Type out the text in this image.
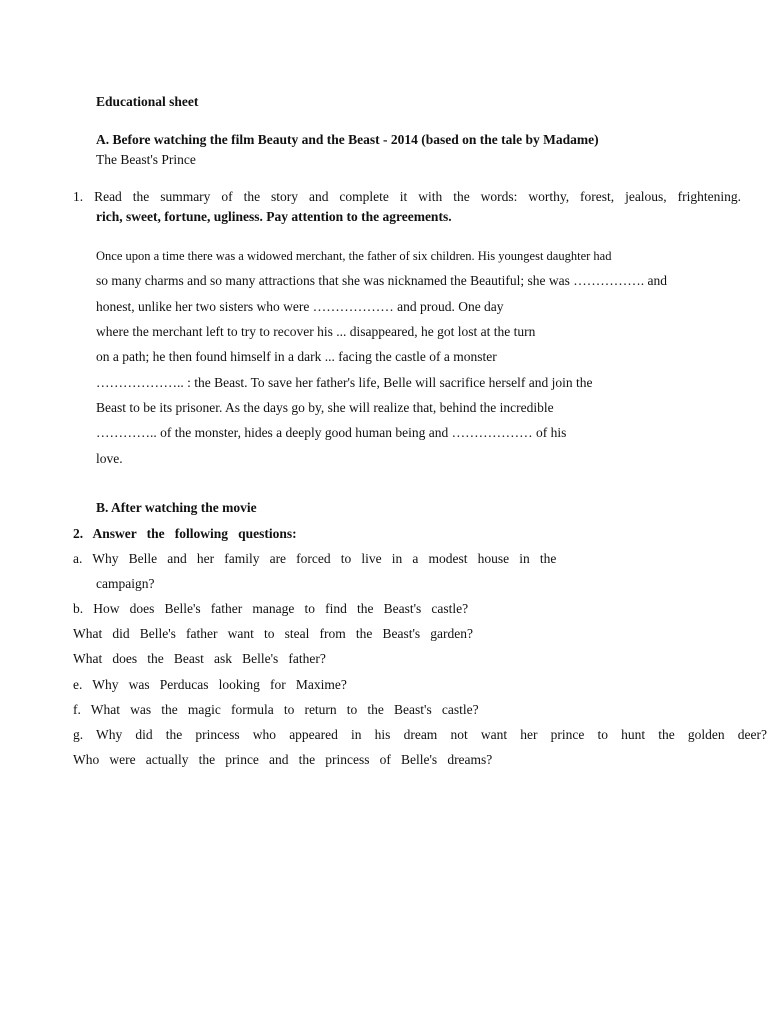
Educational sheet
A. Before watching the film Beauty and the Beast - 2014 (based on the tale by Madame)
The Beast's Prince
1. Read the summary of the story and complete it with the words: worthy, forest, jealous, frightening.
rich, sweet, fortune, ugliness. Pay attention to the agreements.
Once upon a time there was a widowed merchant, the father of six children. His youngest daughter had
so many charms and so many attractions that she was nicknamed the Beautiful; she was ……………. and
honest, unlike her two sisters who were ……………… and proud. One day
where the merchant left to try to recover his ... disappeared, he got lost at the turn
on a path; he then found himself in a dark ... facing the castle of a monster
……………….. : the Beast. To save her father's life, Belle will sacrifice herself and join the
Beast to be its prisoner. As the days go by, she will realize that, behind the incredible
………….. of the monster, hides a deeply good human being and ……………… of his
love.
B. After watching the movie
2.   Answer   the   following   questions:
a.   Why   Belle   and   her   family   are   forced   to   live   in   a   modest   house   in   the
campaign?
b.   How   does   Belle's   father   manage   to   find   the   Beast's   castle?
What   did   Belle's   father   want   to   steal   from   the   Beast's   garden?
What   does   the   Beast   ask   Belle's   father?
e.   Why   was   Perducas   looking   for   Maxime?
f.   What   was   the   magic   formula   to   return   to   the   Beast's   castle?
g. Why did the princess who appeared in his dream not want her prince to hunt the golden deer?
Who   were   actually   the   prince   and   the   princess   of   Belle's   dreams?
